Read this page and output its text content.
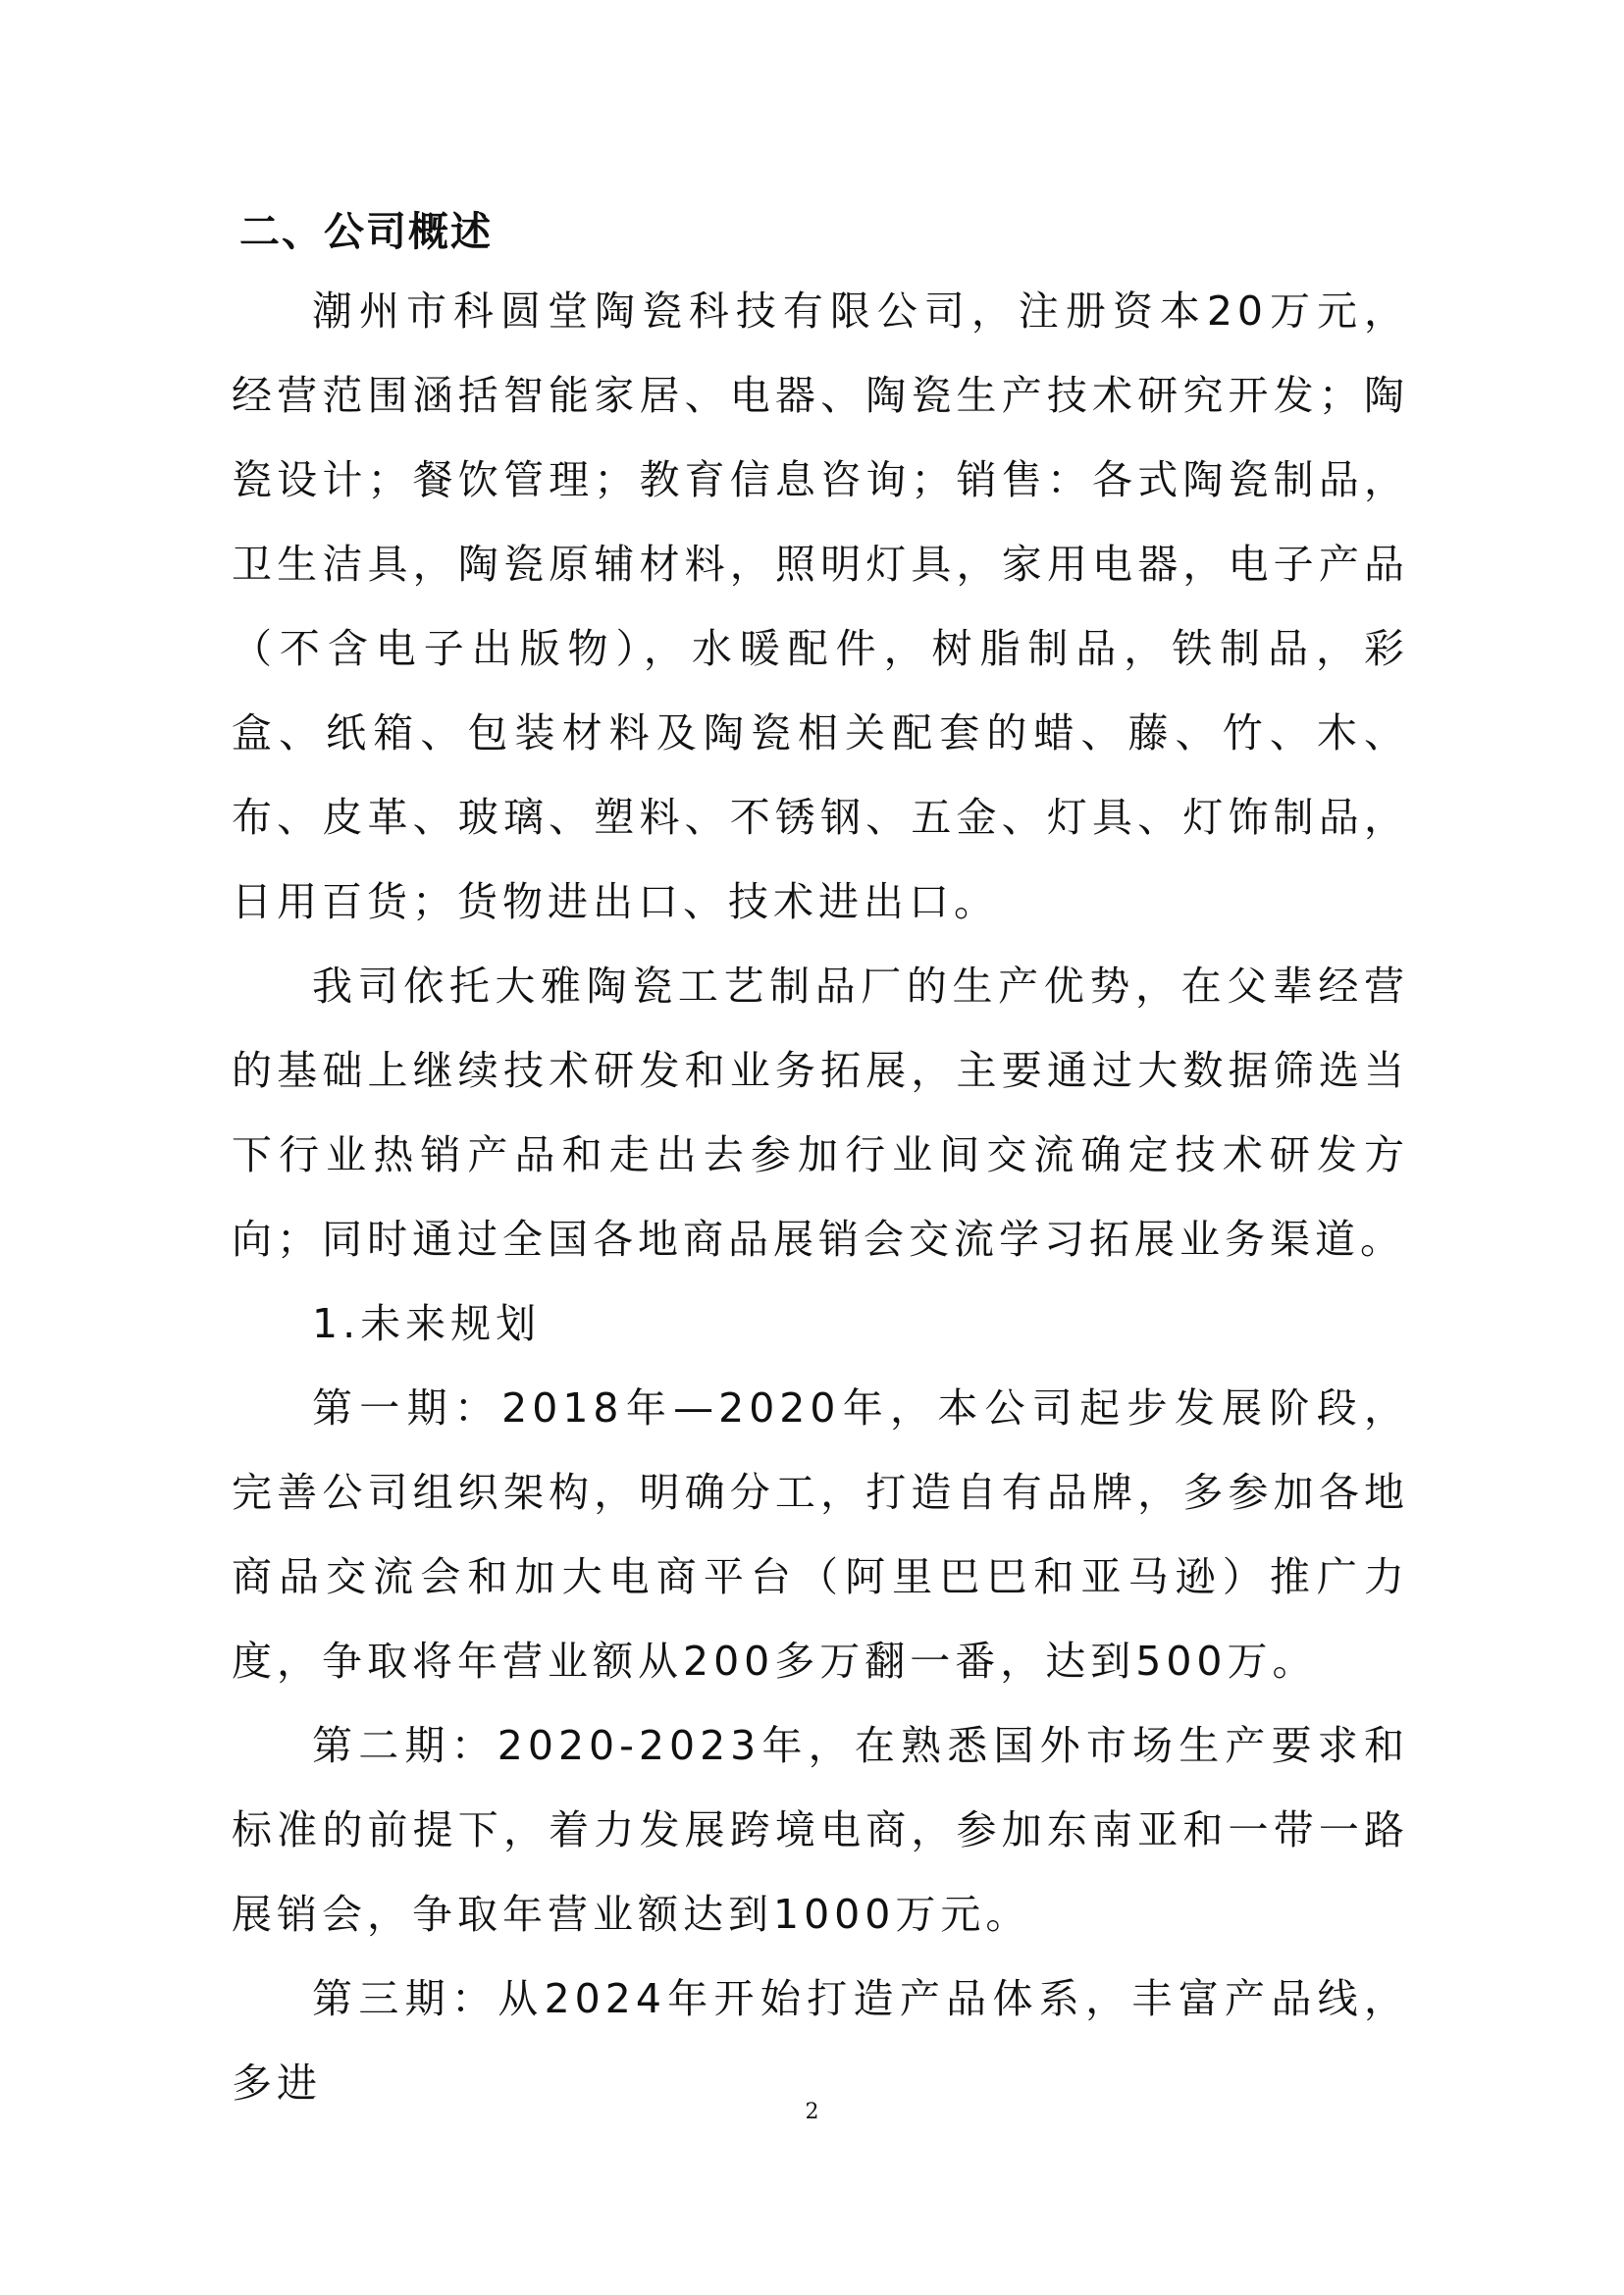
二、公司概述

潮州市科圆堂陶瓷科技有限公司，注册资本20万元，经营范围涵括智能家居、电器、陶瓷生产技术研究开发；陶瓷设计；餐饮管理；教育信息咨询；销售：各式陶瓷制品，卫生洁具，陶瓷原辅材料，照明灯具，家用电器，电子产品（不含电子出版物），水暖配件，树脂制品，铁制品，彩盒、纸箱、包装材料及陶瓷相关配套的蜡、藤、竹、木、布、皮革、玻璃、塑料、不锈钢、五金、灯具、灯饰制品，日用百货；货物进出口、技术进出口。

我司依托大雅陶瓷工艺制品厂的生产优势，在父辈经营的基础上继续技术研发和业务拓展，主要通过大数据筛选当下行业热销产品和走出去参加行业间交流确定技术研发方向；同时通过全国各地商品展销会交流学习拓展业务渠道。

1.未来规划

第一期：2018年—2020年，本公司起步发展阶段，完善公司组织架构，明确分工，打造自有品牌，多参加各地商品交流会和加大电商平台（阿里巴巴和亚马逊）推广力度，争取将年营业额从200多万翻一番，达到500万。

第二期：2020-2023年，在熟悉国外市场生产要求和标准的前提下，着力发展跨境电商，参加东南亚和一带一路展销会，争取年营业额达到1000万元。

第三期：从2024年开始打造产品体系，丰富产品线，多进

2
